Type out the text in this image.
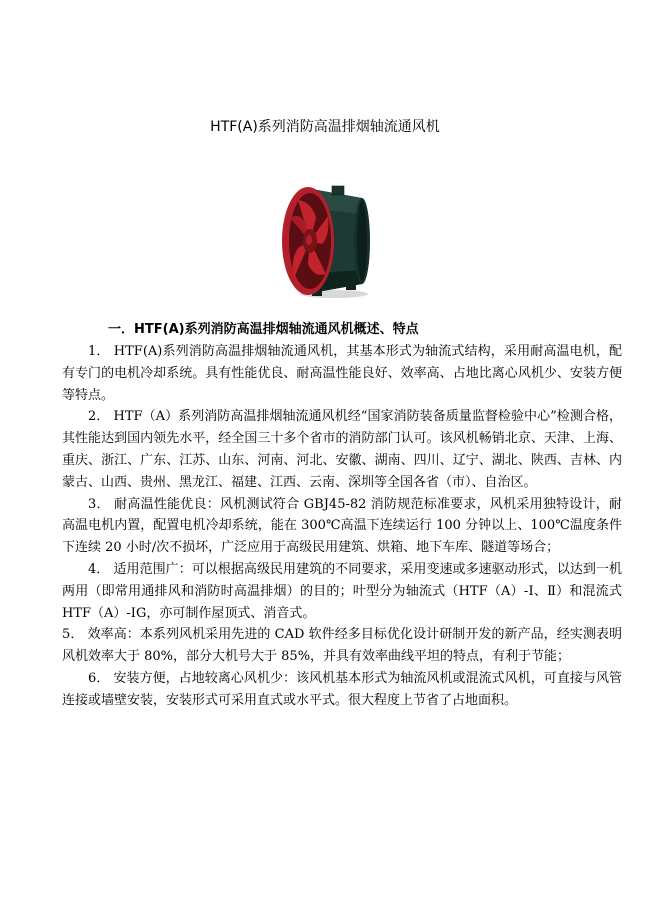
HTF(A)系列消防高温排烟轴流通风机
一．HTF(A)系列消防高温排烟轴流通风机概述、特点

1． HTF(A)系列消防高温排烟轴流通风机，其基本形式为轴流式结构，采用耐高温电机，配有专门的电机冷却系统。具有性能优良、耐高温性能良好、效率高、占地比离心风机少、安装方便等特点。

2． HTF（A）系列消防高温排烟轴流通风机经“国家消防装备质量监督检验中心”检测合格，其性能达到国内领先水平，经全国三十多个省市的消防部门认可。该风机畅销北京、天津、上海、重庆、浙江、广东、江苏、山东、河南、河北、安徽、湖南、四川、辽宁、湖北、陕西、吉林、内蒙古、山西、贵州、黑龙江、福建、江西、云南、深圳等全国各省（市）、自治区。

3． 耐高温性能优良：风机测试符合 GBJ45-82 消防规范标准要求，风机采用独特设计，耐高温电机内置，配置电机冷却系统，能在 300℃高温下连续运行 100 分钟以上、100℃温度条件下连续 20 小时/次不损坏，广泛应用于高级民用建筑、烘箱、地下车库、隧道等场合；

4． 适用范围广：可以根据高级民用建筑的不同要求，采用变速或多速驱动形式，以达到一机两用（即常用通排风和消防时高温排烟）的目的；叶型分为轴流式（HTF（A）-Ⅰ、Ⅱ）和混流式 HTF（A）-IG，亦可制作屋顶式、消音式。

5． 效率高：本系列风机采用先进的 CAD 软件经多目标优化设计研制开发的新产品，经实测表明风机效率大于 80%，部分大机号大于 85%，并具有效率曲线平坦的特点，有利于节能；

6． 安装方便，占地较离心风机少：该风机基本形式为轴流风机或混流式风机，可直接与风管连接或墙壁安装，安装形式可采用直式或水平式。很大程度上节省了占地面积。
